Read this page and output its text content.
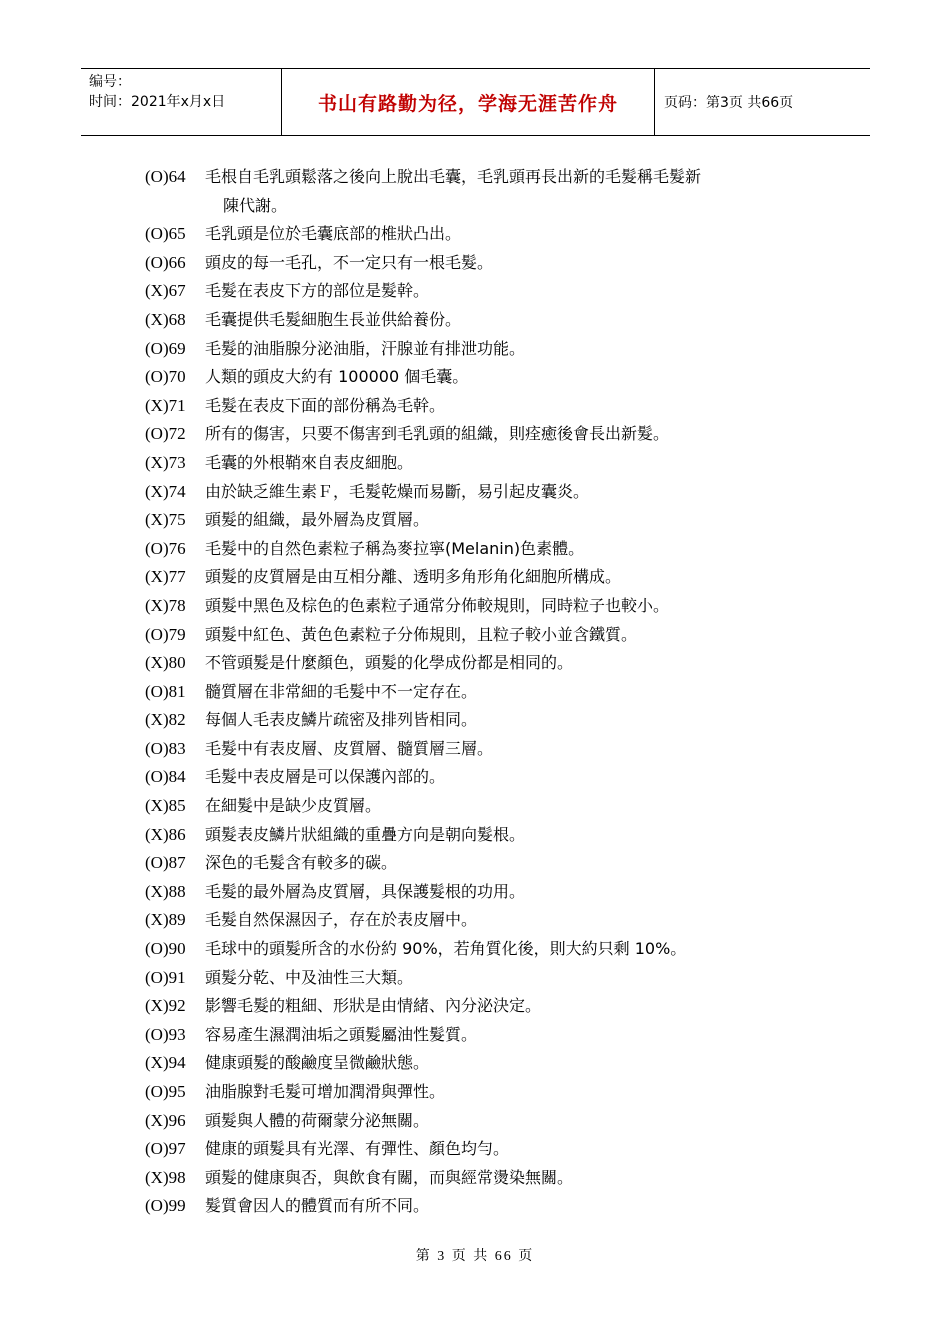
编号：
时间：2021年x月x日	书山有路勤为径，学海无涯苦作舟	页码：第3页 共66页
(O)64	毛根自毛乳頭鬆落之後向上脫出毛囊，毛乳頭再長出新的毛髮稱毛髮新
陳代謝。
(O)65	毛乳頭是位於毛囊底部的椎狀凸出。
(O)66	頭皮的每一毛孔，不一定只有一根毛髮。
(X)67	毛髮在表皮下方的部位是髮幹。
(X)68	毛囊提供毛髮細胞生長並供給養份。
(O)69	毛髮的油脂腺分泌油脂，汗腺並有排泄功能。
(O)70	人類的頭皮大約有 100000 個毛囊。
(X)71	毛髮在表皮下面的部份稱為毛幹。
(O)72	所有的傷害，只要不傷害到毛乳頭的組織，則痊癒後會長出新髮。
(X)73	毛囊的外根鞘來自表皮細胞。
(X)74	由於缺乏維生素Ｆ，毛髮乾燥而易斷，易引起皮囊炎。
(X)75	頭髮的組織，最外層為皮質層。
(O)76	毛髮中的自然色素粒子稱為麥拉寧(Melanin)色素體。
(X)77	頭髮的皮質層是由互相分離、透明多角形角化細胞所構成。
(X)78	頭髮中黑色及棕色的色素粒子通常分佈較規則，同時粒子也較小。
(O)79	頭髮中紅色、黃色色素粒子分佈規則，且粒子較小並含鐵質。
(X)80	不管頭髮是什麼顏色，頭髮的化學成份都是相同的。
(O)81	髓質層在非常細的毛髮中不一定存在。
(X)82	每個人毛表皮鱗片疏密及排列皆相同。
(O)83	毛髮中有表皮層、皮質層、髓質層三層。
(O)84	毛髮中表皮層是可以保護內部的。
(X)85	在細髮中是缺少皮質層。
(X)86	頭髮表皮鱗片狀組織的重疊方向是朝向髮根。
(O)87	深色的毛髮含有較多的碳。
(X)88	毛髮的最外層為皮質層，具保護髮根的功用。
(X)89	毛髮自然保濕因子，存在於表皮層中。
(O)90	毛球中的頭髮所含的水份約 90%，若角質化後，則大約只剩 10%。
(O)91	頭髮分乾、中及油性三大類。
(X)92	影響毛髮的粗細、形狀是由情緒、內分泌決定。
(O)93	容易產生濕潤油垢之頭髮屬油性髮質。
(X)94	健康頭髮的酸鹼度呈微鹼狀態。
(O)95	油脂腺對毛髮可增加潤滑與彈性。
(X)96	頭髮與人體的荷爾蒙分泌無關。
(O)97	健康的頭髮具有光澤、有彈性、顏色均勻。
(X)98	頭髮的健康與否，與飲食有關，而與經常燙染無關。
(O)99	髮質會因人的體質而有所不同。
第 3 页 共 66 页
